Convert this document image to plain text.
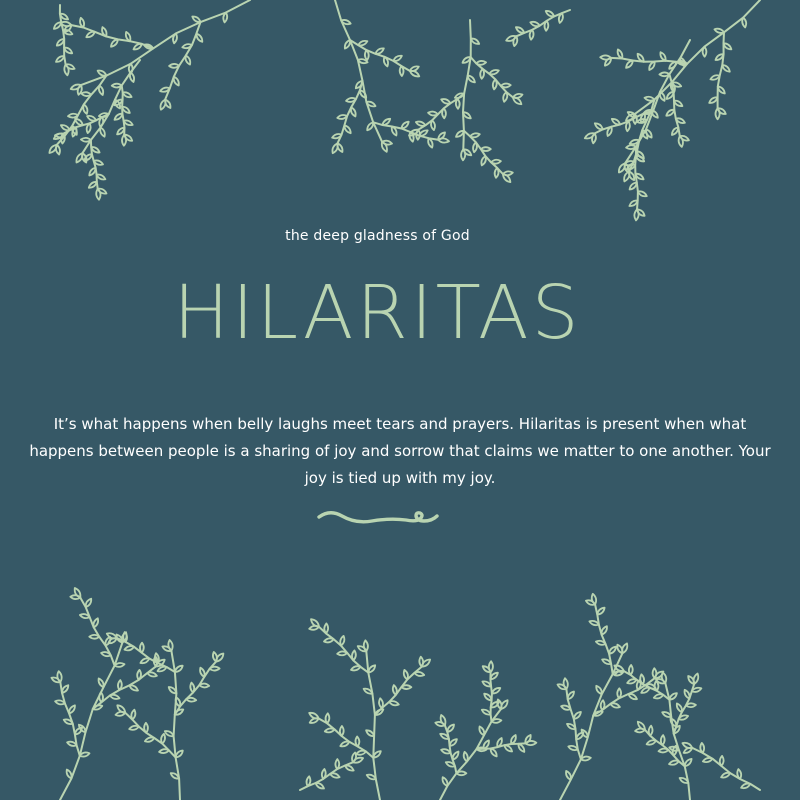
the deep gladness of God
HILARITAS
It’s what happens when belly laughs meet tears and prayers. Hilaritas is present when what happens between people is a sharing of joy and sorrow that claims we matter to one another. Your joy is tied up with my joy.
